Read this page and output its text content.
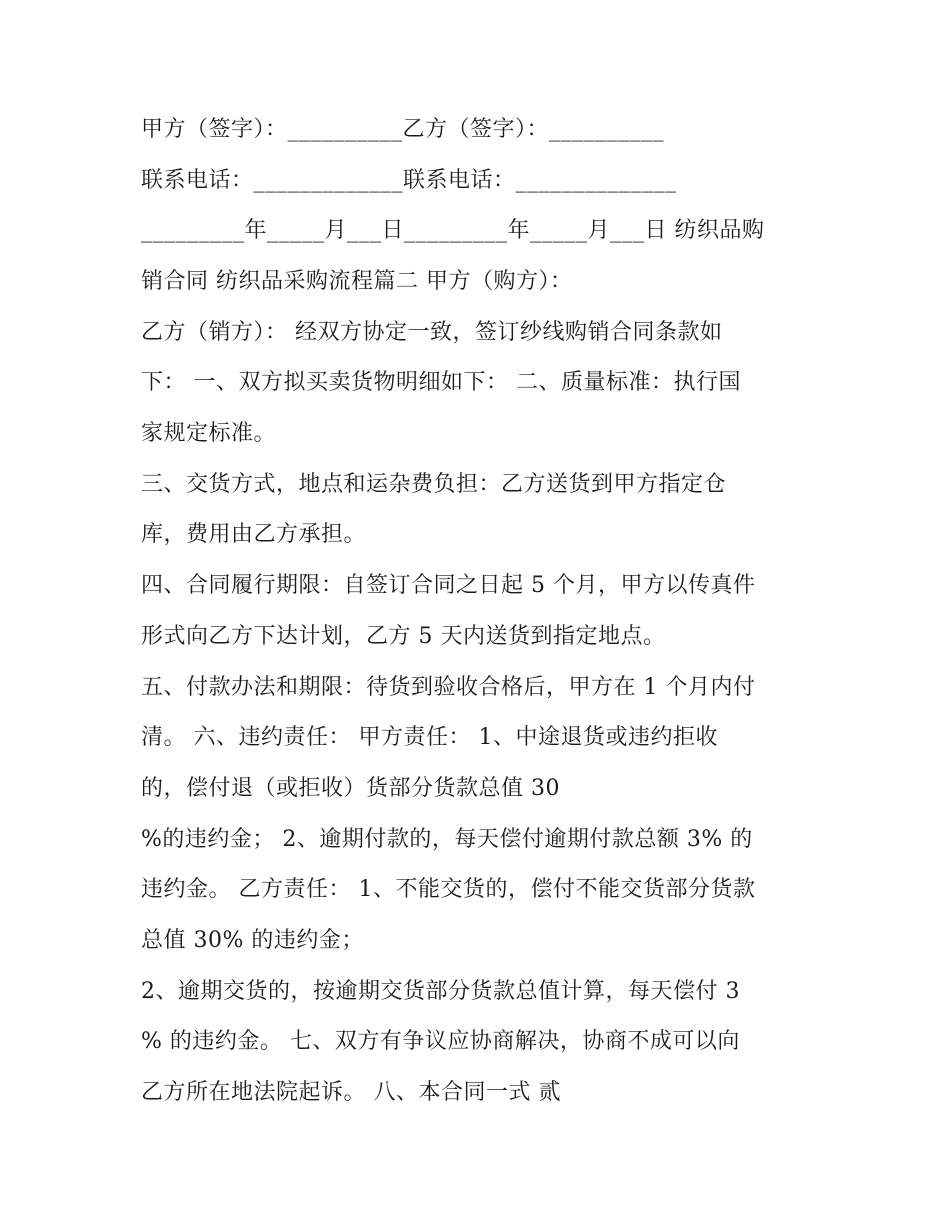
甲方（签字）：__________乙方（签字）：__________
联系电话：_____________联系电话：______________
_________年_____月___日_________年_____月___日 纺织品购
销合同 纺织品采购流程篇二 甲方（购方）：
乙方（销方）： 经双方协定一致，签订纱线购销合同条款如
下： 一、双方拟买卖货物明细如下： 二、质量标准：执行国
家规定标准。
三、交货方式，地点和运杂费负担：乙方送货到甲方指定仓
库，费用由乙方承担。
四、合同履行期限：自签订合同之日起 5 个月，甲方以传真件
形式向乙方下达计划，乙方 5 天内送货到指定地点。
五、付款办法和期限：待货到验收合格后，甲方在 1 个月内付
清。 六、违约责任： 甲方责任： 1、中途退货或违约拒收
的，偿付退（或拒收）货部分货款总值 30
%的违约金； 2、逾期付款的，每天偿付逾期付款总额 3% 的
违约金。 乙方责任： 1、不能交货的，偿付不能交货部分货款
总值 30% 的违约金；
2、逾期交货的，按逾期交货部分货款总值计算，每天偿付 3
% 的违约金。 七、双方有争议应协商解决，协商不成可以向
乙方所在地法院起诉。 八、本合同一式 贰
